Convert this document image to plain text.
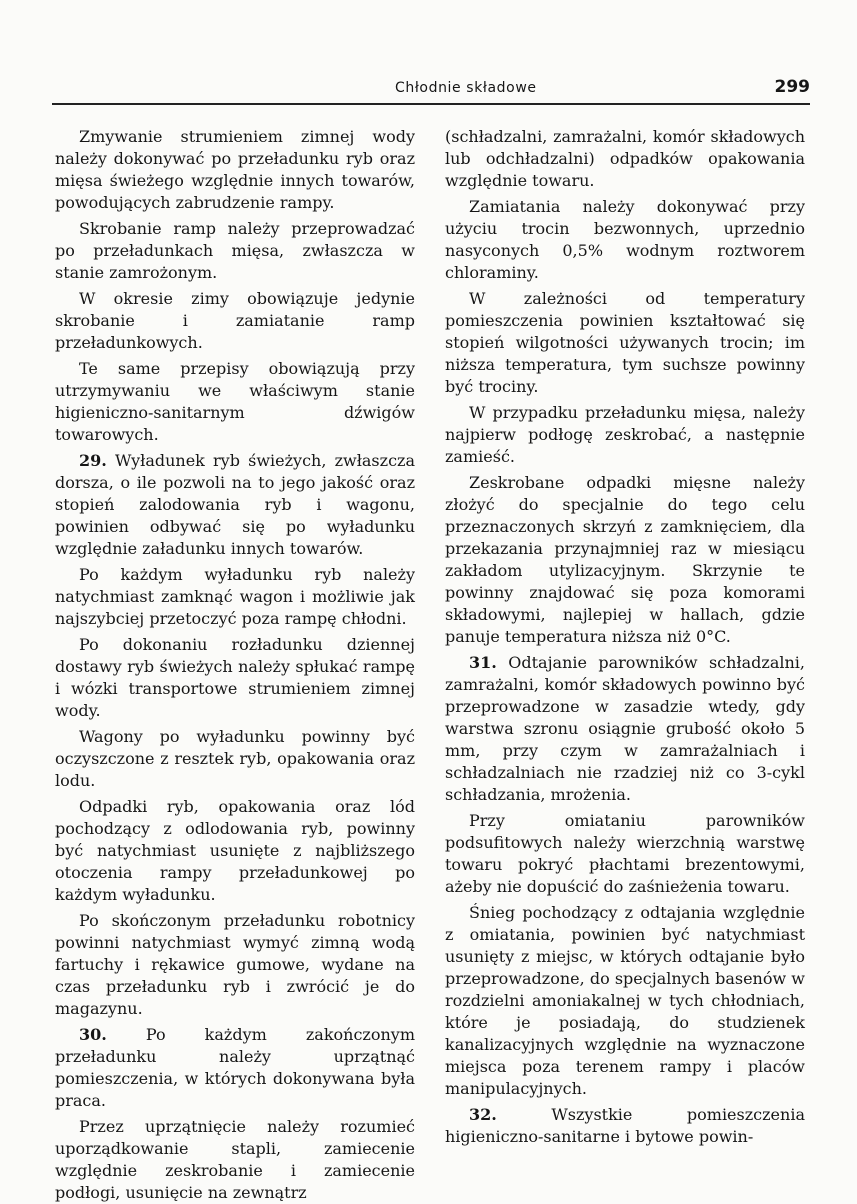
Chłodnie składowe	299

Zmywanie strumieniem zimnej wody należy dokonywać po przeładunku ryb oraz mięsa świeżego względnie innych towarów, powodujących zabrudzenie rampy.

Skrobanie ramp należy przeprowadzać po przeładunkach mięsa, zwłaszcza w stanie zamrożonym.

W okresie zimy obowiązuje jedynie skrobanie i zamiatanie ramp przeładunkowych.

Te same przepisy obowiązują przy utrzymywaniu we właściwym stanie higieniczno-sanitarnym dźwigów towarowych.

29. Wyładunek ryb świeżych, zwłaszcza dorsza, o ile pozwoli na to jego jakość oraz stopień zalodowania ryb i wagonu, powinien odbywać się po wyładunku względnie załadunku innych towarów.

Po każdym wyładunku ryb należy natychmiast zamknąć wagon i możliwie jak najszybciej przetoczyć poza rampę chłodni.

Po dokonaniu rozładunku dziennej dostawy ryb świeżych należy spłukać rampę i wózki transportowe strumieniem zimnej wody.

Wagony po wyładunku powinny być oczyszczone z resztek ryb, opakowania oraz lodu.

Odpadki ryb, opakowania oraz lód pochodzący z odlodowania ryb, powinny być natychmiast usunięte z najbliższego otoczenia rampy przeładunkowej po każdym wyładunku.

Po skończonym przeładunku robotnicy powinni natychmiast wymyć zimną wodą fartuchy i rękawice gumowe, wydane na czas przeładunku ryb i zwrócić je do magazynu.

30. Po każdym zakończonym przeładunku należy uprzątnąć pomieszczenia, w których dokonywana była praca.

Przez uprzątnięcie należy rozumieć uporządkowanie stapli, zamiecenie względnie zeskrobanie i zamiecenie podłogi, usunięcie na zewnątrz

(schładzalni, zamrażalni, komór składowych lub odchładzalni) odpadków opakowania względnie towaru.

Zamiatania należy dokonywać przy użyciu trocin bezwonnych, uprzednio nasyconych 0,5% wodnym roztworem chloraminy.

W zależności od temperatury pomieszczenia powinien kształtować się stopień wilgotności używanych trocin; im niższa temperatura, tym suchsze powinny być trociny.

W przypadku przeładunku mięsa, należy najpierw podłogę zeskrobać, a następnie zamieść.

Zeskrobane odpadki mięsne należy złożyć do specjalnie do tego celu przeznaczonych skrzyń z zamknięciem, dla przekazania przynajmniej raz w miesiącu zakładom utylizacyjnym. Skrzynie te powinny znajdować się poza komorami składowymi, najlepiej w hallach, gdzie panuje temperatura niższa niż 0°C.

31. Odtajanie parowników schładzalni, zamrażalni, komór składowych powinno być przeprowadzone w zasadzie wtedy, gdy warstwa szronu osiągnie grubość około 5 mm, przy czym w zamrażalniach i schładzalniach nie rzadziej niż co 3-cykl schładzania, mrożenia.

Przy omiataniu parowników podsufitowych należy wierzchnią warstwę towaru pokryć płachtami brezentowymi, ażeby nie dopuścić do zaśnieżenia towaru.

Śnieg pochodzący z odtajania względnie z omiatania, powinien być natychmiast usunięty z miejsc, w których odtajanie było przeprowadzone, do specjalnych basenów w rozdzielni amoniakalnej w tych chłodniach, które je posiadają, do studzienek kanalizacyjnych względnie na wyznaczone miejsca poza terenem rampy i placów manipulacyjnych.

32.	Wszystkie pomieszczenia higieniczno-sanitarne i bytowe powin-
